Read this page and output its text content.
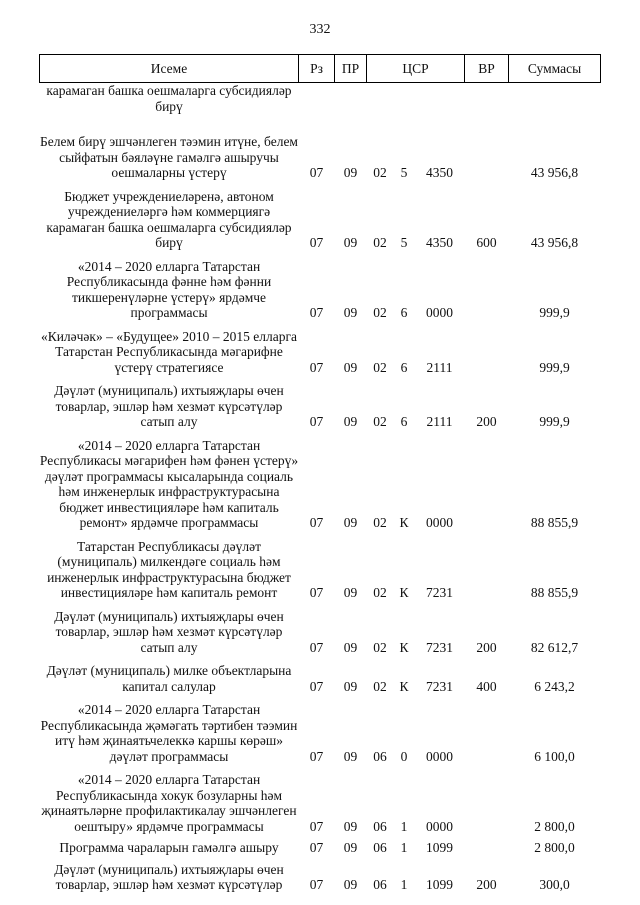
332
Исеме	Рз	ПР	ЦСР			ВР	Суммасы

карамаган башка оешмаларга субсидияләр бирү							

Белем бирү эшчәнлеген тәэмин итүне, белем сыйфатын бәяләүне гамәлгә ашыручы оешмаларны үстерү	07	09	02	5	4350		43 956,8

Бюджет учреждениеләренә, автоном учреждениеләргә һәм коммерциягә карамаган башка оешмаларга субсидияләр бирү	07	09	02	5	4350	600	43 956,8

«2014 – 2020 елларга Татарстан Республикасында фәнне һәм фәнни тикшеренүләрне үстерү» ярдәмче программасы	07	09	02	6	0000		999,9

«Киләчәк» – «Будущее» 2010 – 2015 елларга Татарстан Республикасында мәгарифне үстерү стратегиясе	07	09	02	6	2111		999,9

Дәүләт (муниципаль) ихтыяҗлары өчен товарлар, эшләр һәм хезмәт күрсәтүләр сатып алу	07	09	02	6	2111	200	999,9

«2014 – 2020 елларга Татарстан Республикасы мәгарифен һәм фәнен үстерү» дәүләт программасы кысаларында социаль һәм инженерлык инфраструктурасына бюджет инвестицияләре һәм капиталь ремонт» ярдәмче программасы	07	09	02	К	0000		88 855,9

Татарстан Республикасы дәүләт (муниципаль) милкендәге социаль һәм инженерлык инфраструктурасына бюджет инвестицияләре һәм капиталь ремонт	07	09	02	К	7231		88 855,9

Дәүләт (муниципаль) ихтыяҗлары өчен товарлар, эшләр һәм хезмәт күрсәтүләр сатып алу	07	09	02	К	7231	200	82 612,7

Дәүләт (муниципаль) милке объектларына капитал салулар	07	09	02	К	7231	400	6 243,2

«2014 – 2020 елларга Татарстан Республикасында җәмәгать тәртибен тәэмин итү һәм җинаятьчелеккә каршы көрәш» дәүләт программасы	07	09	06	0	0000		6 100,0

«2014 – 2020 елларга Татарстан Республикасында хокук бозуларны һәм җинаятьләрне профилактикалау эшчәнлеген оештыру» ярдәмче программасы	07	09	06	1	0000		2 800,0

Программа чараларын гамәлгә ашыру	07	09	06	1	1099		2 800,0

Дәүләт (муниципаль) ихтыяҗлары өчен товарлар, эшләр һәм хезмәт күрсәтүләр	07	09	06	1	1099	200	300,0
